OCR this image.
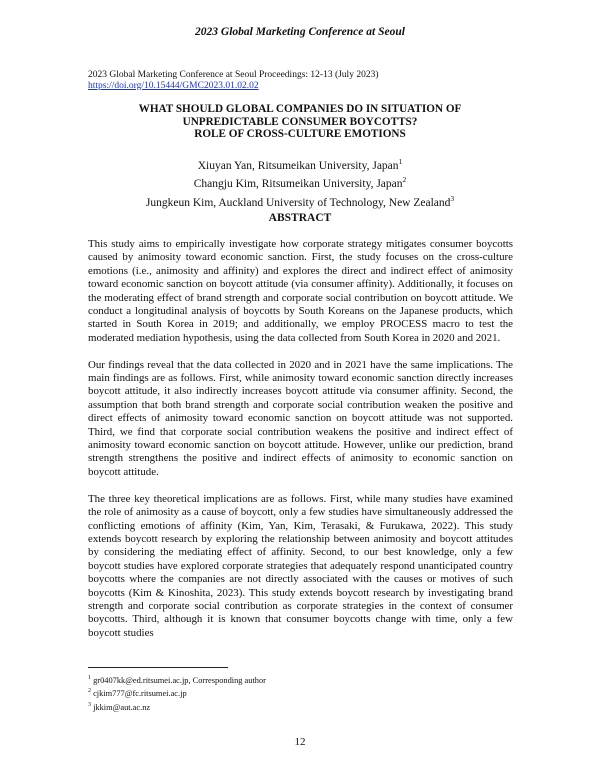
2023 Global Marketing Conference at Seoul
2023 Global Marketing Conference at Seoul Proceedings: 12-13 (July 2023)
https://doi.org/10.15444/GMC2023.01.02.02
WHAT SHOULD GLOBAL COMPANIES DO IN SITUATION OF
UNPREDICTABLE CONSUMER BOYCOTTS?
ROLE OF CROSS-CULTURE EMOTIONS
Xiuyan Yan, Ritsumeikan University, Japan$^1$
Changju Kim, Ritsumeikan University, Japan$^2$
Jungkeun Kim, Auckland University of Technology, New Zealand$^3$
ABSTRACT

This study aims to empirically investigate how corporate strategy mitigates consumer boycotts caused by animosity toward economic sanction. First, the study focuses on the cross-culture emotions (i.e., animosity and affinity) and explores the direct and indirect effect of animosity toward economic sanction on boycott attitude (via consumer affinity). Additionally, it focuses on the moderating effect of brand strength and corporate social contribution on boycott attitude. We conduct a longitudinal analysis of boycotts by South Koreans on the Japanese products, which started in South Korea in 2019; and additionally, we employ PROCESS macro to test the moderated mediation hypothesis, using the data collected from South Korea in 2020 and 2021.

Our findings reveal that the data collected in 2020 and in 2021 have the same implications. The main findings are as follows. First, while animosity toward economic sanction directly increases boycott attitude, it also indirectly increases boycott attitude via consumer affinity. Second, the assumption that both brand strength and corporate social contribution weaken the positive and direct effects of animosity toward economic sanction on boycott attitude was not supported. Third, we find that corporate social contribution weakens the positive and indirect effect of animosity toward economic sanction on boycott attitude. However, unlike our prediction, brand strength strengthens the positive and indirect effects of animosity to economic sanction on boycott attitude.

The three key theoretical implications are as follows. First, while many studies have examined the role of animosity as a cause of boycott, only a few studies have simultaneously addressed the conflicting emotions of affinity (Kim, Yan, Kim, Terasaki, & Furukawa, 2022). This study extends boycott research by exploring the relationship between animosity and boycott attitudes by considering the mediating effect of affinity. Second, to our best knowledge, only a few boycott studies have explored corporate strategies that adequately respond unanticipated country boycotts where the companies are not directly associated with the causes or motives of such boycotts (Kim & Kinoshita, 2023). This study extends boycott research by investigating brand strength and corporate social contribution as corporate strategies in the context of consumer boycotts. Third, although it is known that consumer boycotts change with time, only a few boycott studies

$^1$ gr0407kk@ed.ritsumei.ac.jp, Corresponding author
$^2$ cjkim777@fc.ritsumei.ac.jp
$^3$ jkkim@aut.ac.nz
12
